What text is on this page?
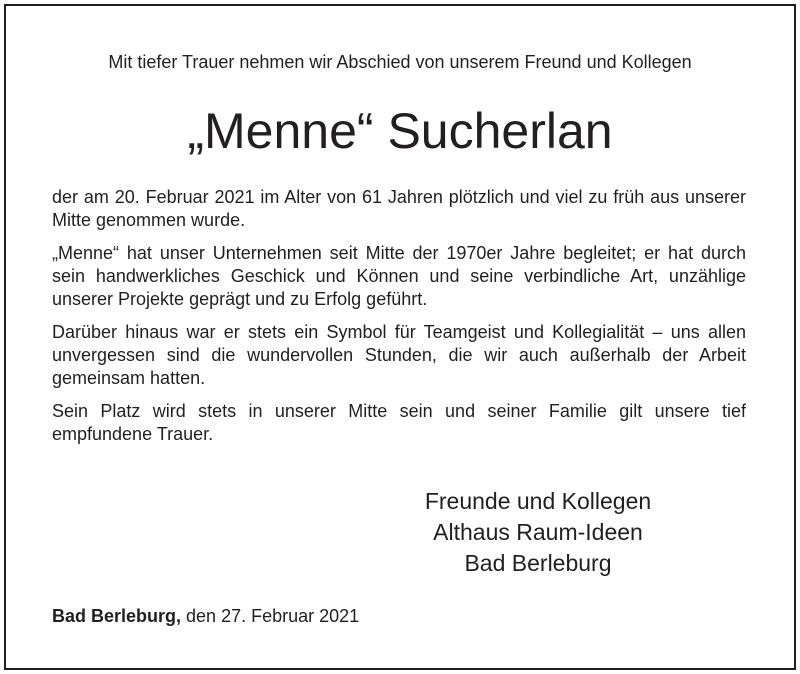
Mit tiefer Trauer nehmen wir Abschied von unserem Freund und Kollegen
„Menne“ Sucherlan

der am 20. Februar 2021 im Alter von 61 Jahren plötzlich und viel zu früh aus unserer Mitte genommen wurde.

„Menne“ hat unser Unternehmen seit Mitte der 1970er Jahre begleitet; er hat durch sein handwerkliches Geschick und Können und seine verbindliche Art, unzählige unserer Projekte geprägt und zu Erfolg geführt.

Darüber hinaus war er stets ein Symbol für Teamgeist und Kollegialität – uns allen unvergessen sind die wundervollen Stunden, die wir auch außerhalb der Arbeit gemeinsam hatten.

Sein Platz wird stets in unserer Mitte sein und seiner Familie gilt unsere tief empfundene Trauer.

Freunde und Kollegen
Althaus Raum-Ideen
Bad Berleburg
Bad Berleburg, den 27. Februar 2021
